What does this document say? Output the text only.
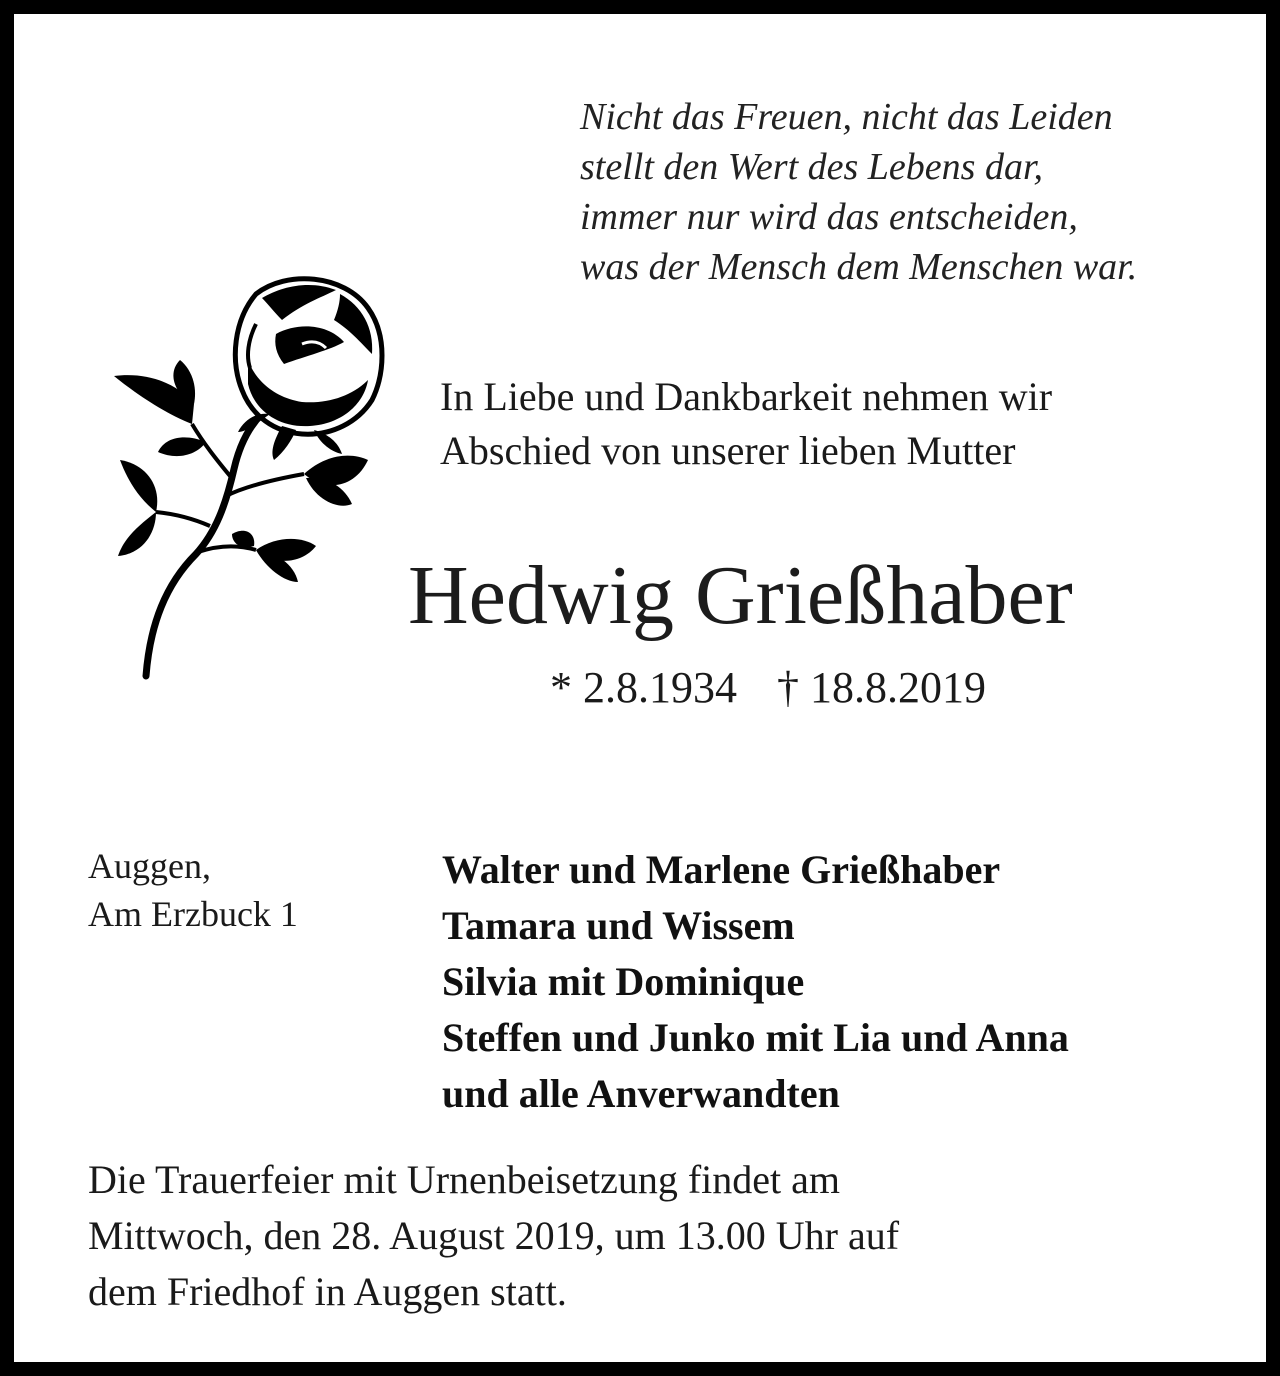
Nicht das Freuen, nicht das Leiden
stellt den Wert des Lebens dar,
immer nur wird das entscheiden,
was der Mensch dem Menschen war.
In Liebe und Dankbarkeit nehmen wir
Abschied von unserer lieben Mutter
Hedwig Grießhaber
* 2.8.1934 † 18.8.2019
Auggen,
Am Erzbuck 1
Walter und Marlene Grießhaber
Tamara und Wissem
Silvia mit Dominique
Steffen und Junko mit Lia und Anna
und alle Anverwandten
Die Trauerfeier mit Urnenbeisetzung findet am
Mittwoch, den 28. August 2019, um 13.00 Uhr auf
dem Friedhof in Auggen statt.
